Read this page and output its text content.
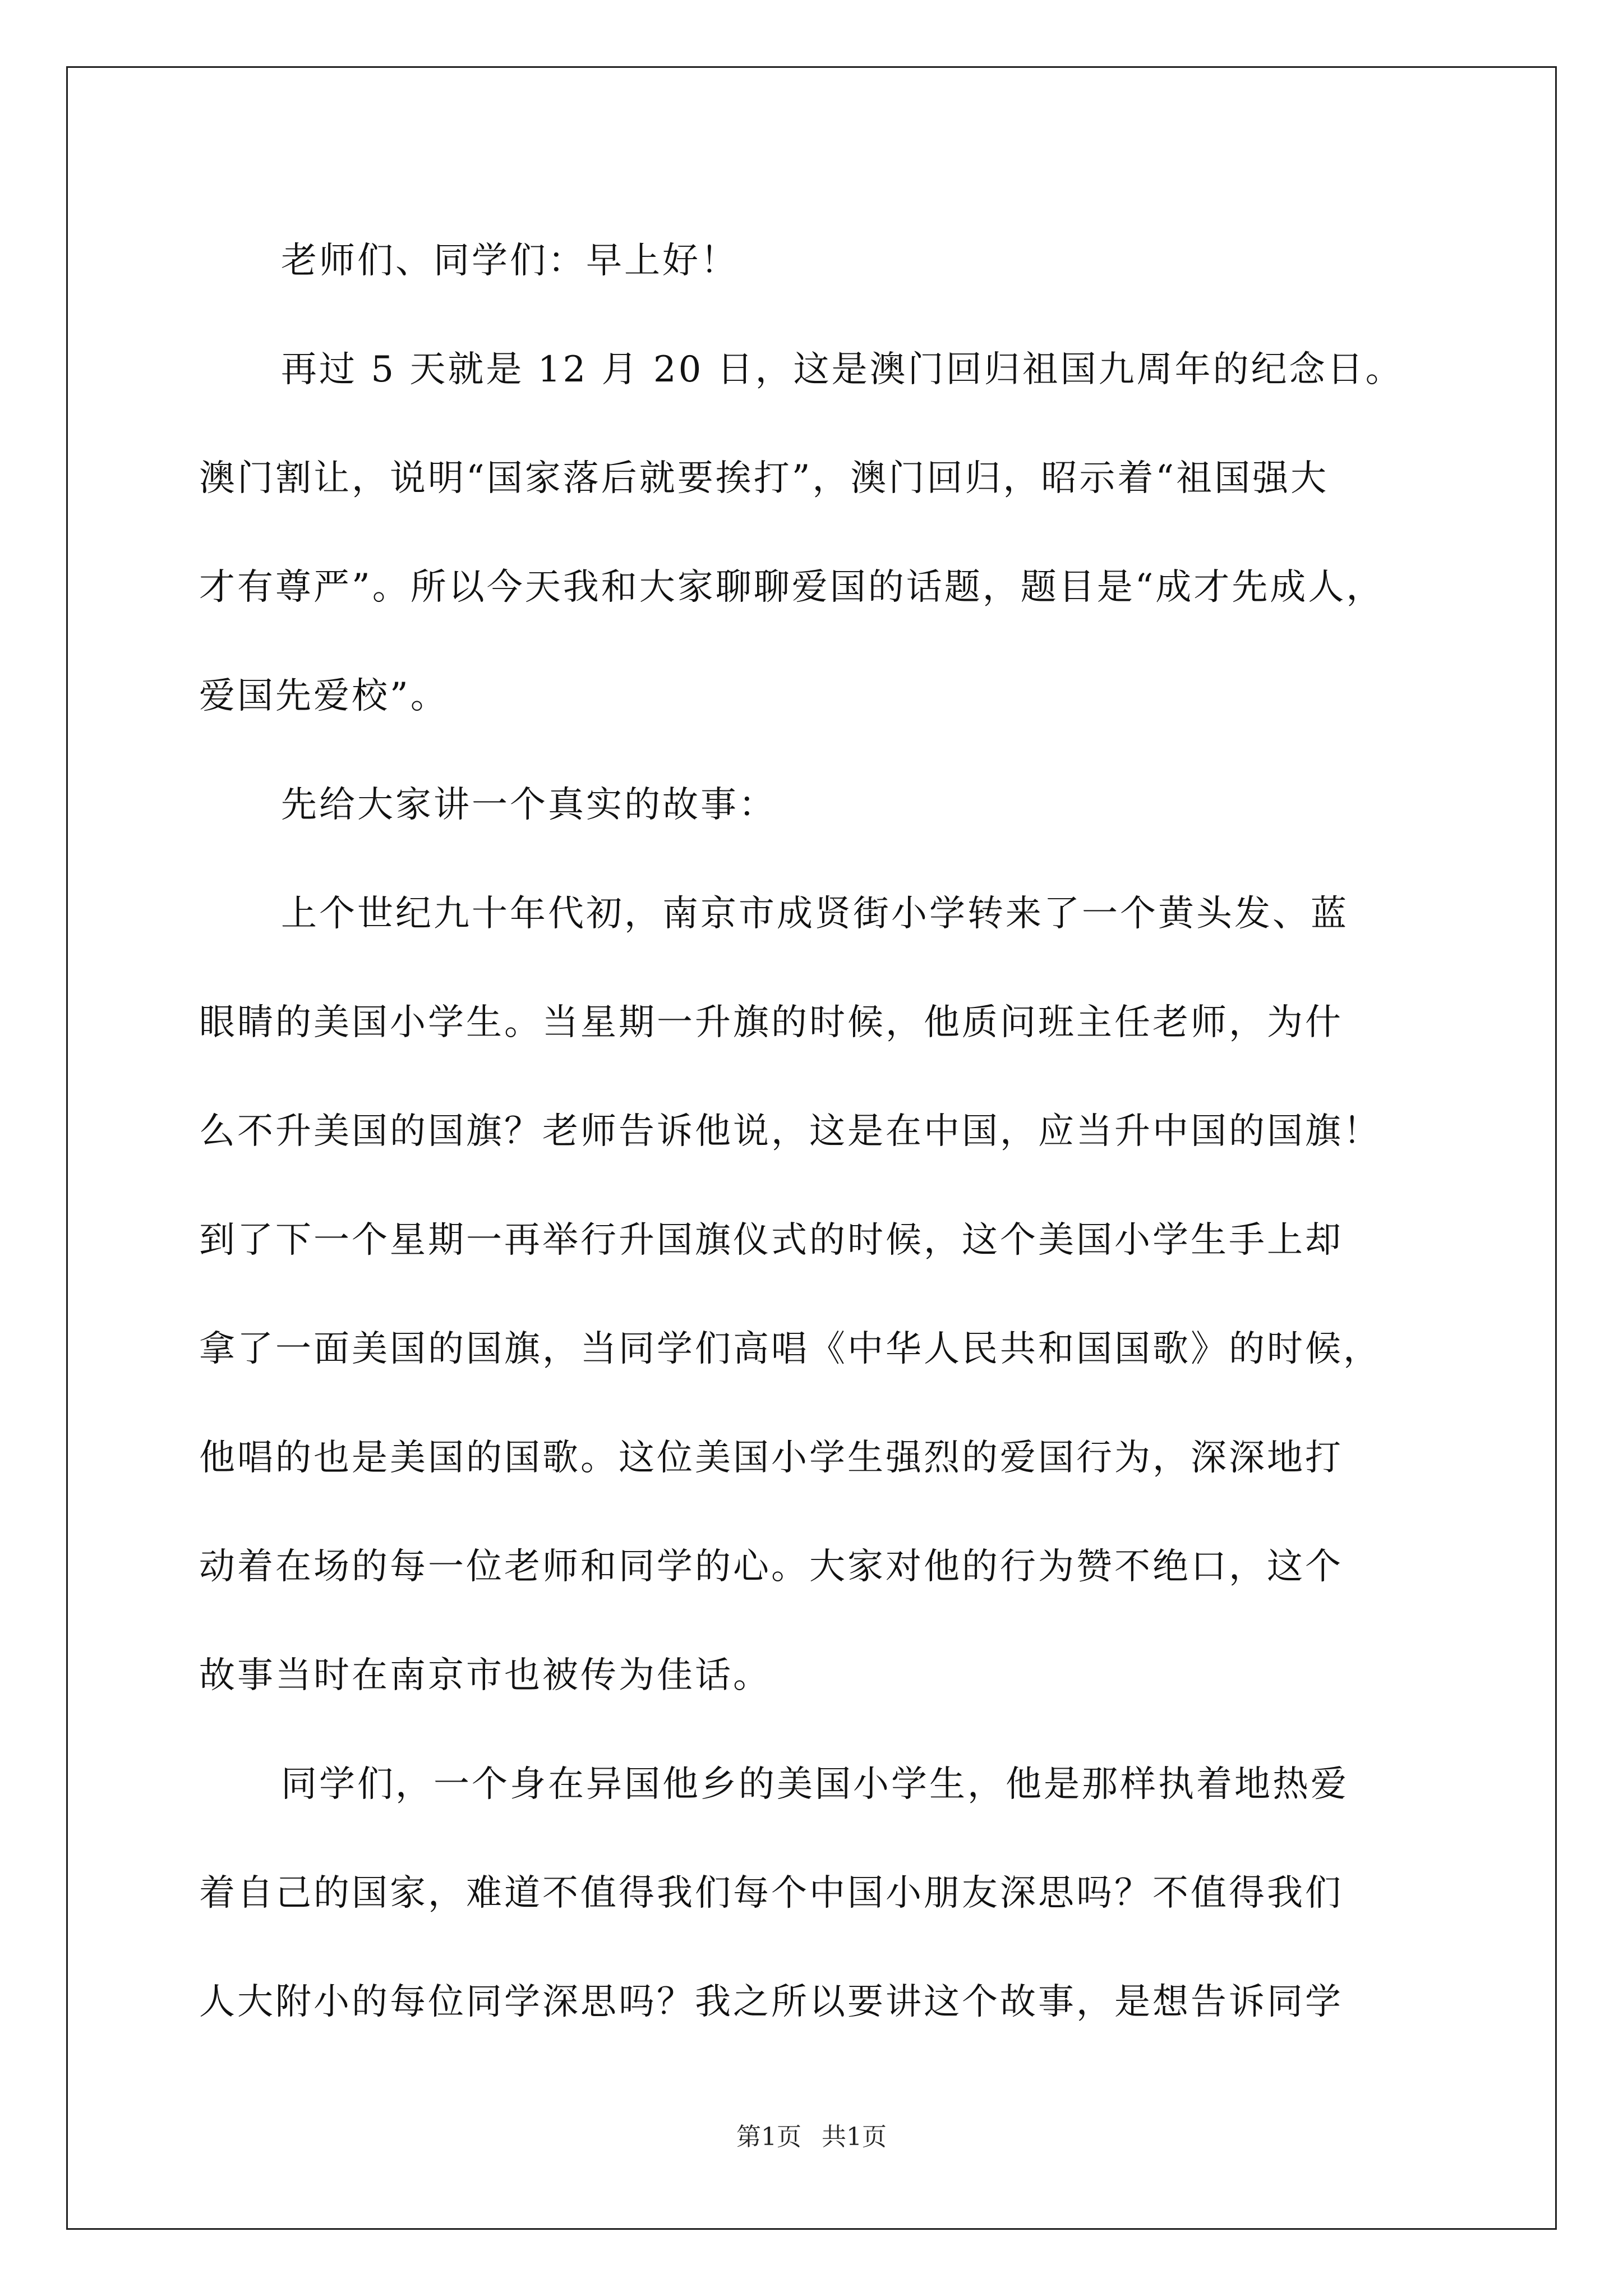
老师们、同学们：早上好！

再过 5 天就是 12 月 20 日，这是澳门回归祖国九周年的纪念日。

澳门割让，说明“国家落后就要挨打”，澳门回归，昭示着“祖国强大

才有尊严”。所以今天我和大家聊聊爱国的话题，题目是“成才先成人，

爱国先爱校”。

先给大家讲一个真实的故事：

上个世纪九十年代初，南京市成贤街小学转来了一个黄头发、蓝

眼睛的美国小学生。当星期一升旗的时候，他质问班主任老师，为什

么不升美国的国旗？老师告诉他说，这是在中国，应当升中国的国旗！

到了下一个星期一再举行升国旗仪式的时候，这个美国小学生手上却

拿了一面美国的国旗，当同学们高唱《中华人民共和国国歌》的时候，

他唱的也是美国的国歌。这位美国小学生强烈的爱国行为，深深地打

动着在场的每一位老师和同学的心。大家对他的行为赞不绝口，这个

故事当时在南京市也被传为佳话。

同学们，一个身在异国他乡的美国小学生，他是那样执着地热爱

着自己的国家，难道不值得我们每个中国小朋友深思吗？不值得我们

人大附小的每位同学深思吗？我之所以要讲这个故事，是想告诉同学

第1页 共1页
